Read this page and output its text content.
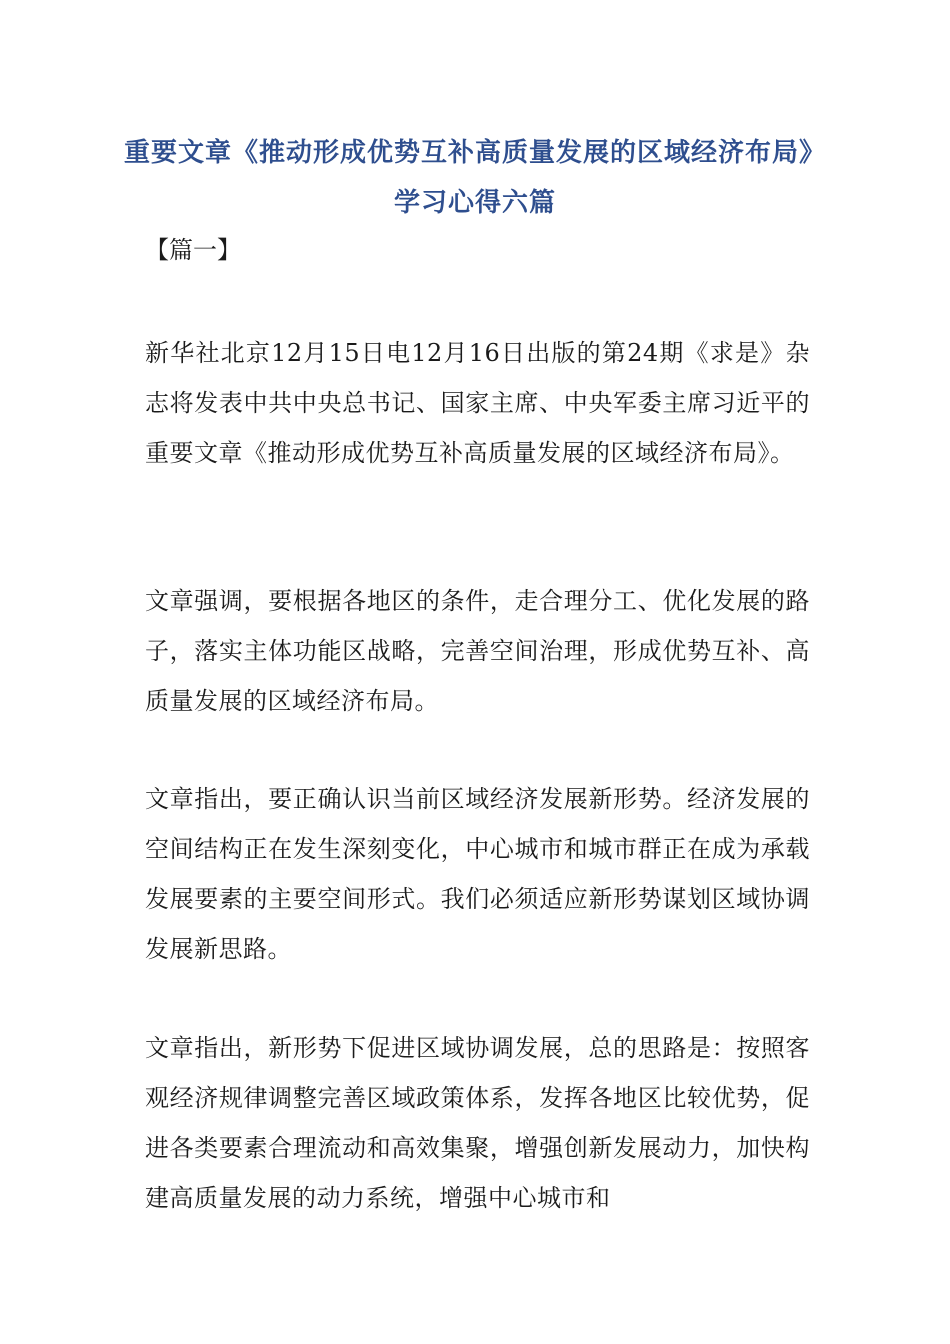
重要文章《推动形成优势互补高质量发展的区域经济布局》学习心得六篇

【篇一】

新华社北京12月15日电12月16日出版的第24期《求是》杂志将发表中共中央总书记、国家主席、中央军委主席习近平的重要文章《推动形成优势互补高质量发展的区域经济布局》。

文章强调，要根据各地区的条件，走合理分工、优化发展的路子，落实主体功能区战略，完善空间治理，形成优势互补、高质量发展的区域经济布局。

文章指出，要正确认识当前区域经济发展新形势。经济发展的空间结构正在发生深刻变化，中心城市和城市群正在成为承载发展要素的主要空间形式。我们必须适应新形势谋划区域协调发展新思路。

文章指出，新形势下促进区域协调发展，总的思路是：按照客观经济规律调整完善区域政策体系，发挥各地区比较优势，促进各类要素合理流动和高效集聚，增强创新发展动力，加快构建高质量发展的动力系统，增强中心城市和
